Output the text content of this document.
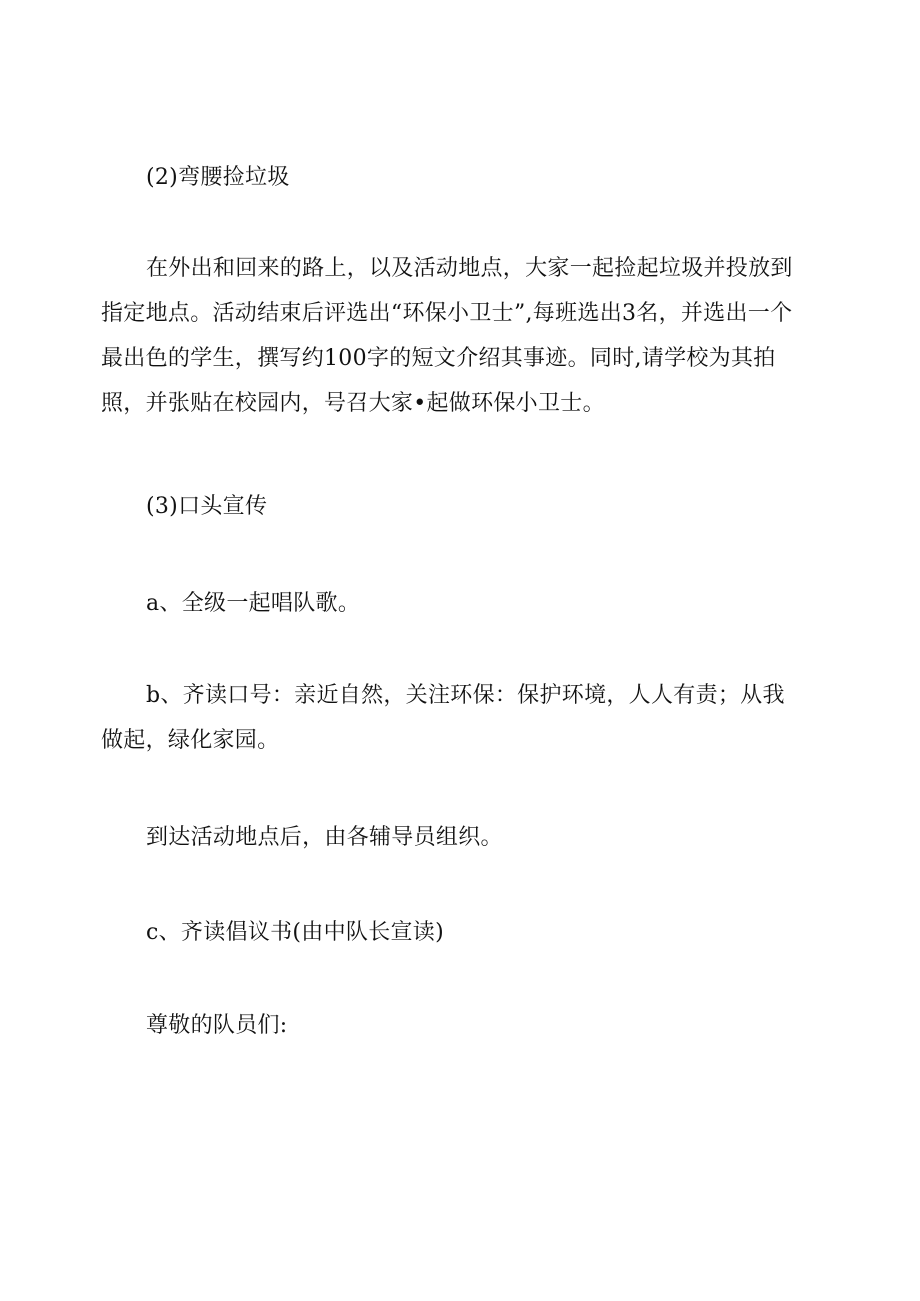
(2)弯腰捡垃圾

在外出和回来的路上，以及活动地点，大家一起捡起垃圾并投放到指定地点。活动结束后评选出“环保小卫士”,每班选出3名，并选出一个最出色的学生，撰写约100字的短文介绍其事迹。同时,请学校为其拍照，并张贴在校园内，号召大家•起做环保小卫士。

(3)口头宣传

a、全级一起唱队歌。

b、齐读口号：亲近自然，关注环保：保护环境，人人有责；从我做起，绿化家园。

到达活动地点后，由各辅导员组织。

c、齐读倡议书(由中队长宣读)

尊敬的队员们:
